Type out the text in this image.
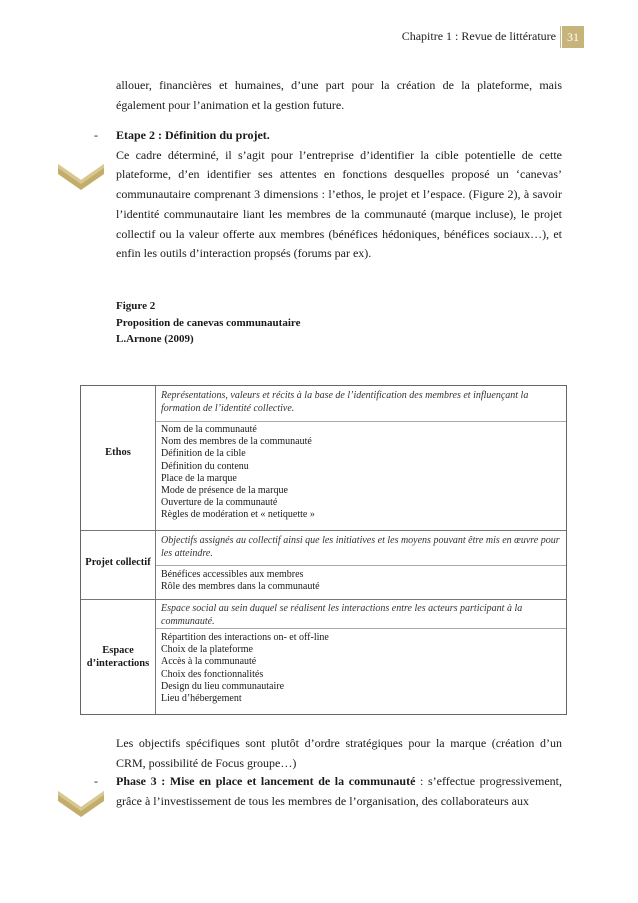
Chapitre 1 : Revue de littérature 31

allouer, financières et humaines, d’une part pour la création de la plateforme, mais également pour l’animation et la gestion future.

- Etape 2 : Définition du projet.
Ce cadre déterminé, il s’agit pour l’entreprise d’identifier la cible potentielle de cette plateforme, d’en identifier ses attentes en fonctions desquelles proposé un ‘canevas’ communautaire comprenant 3 dimensions : l’ethos, le projet et l’espace. (Figure 2), à savoir l’identité communautaire liant les membres de la communauté (marque incluse), le projet collectif ou la valeur offerte aux membres (bénéfices hédoniques, bénéfices sociaux…), et enfin les outils d’interaction propsés (forums par ex).
Figure 2
Proposition de canevas communautaire
L.Arnone (2009)
Ethos
Représentations, valeurs et récits à la base de l’identification des membres et influençant la formation de l’identité collective.
Nom de la communauté
Nom des membres de la communauté
Définition de la cible
Définition du contenu
Place de la marque
Mode de présence de la marque
Ouverture de la communauté
Règles de modération et « netiquette »
Projet collectif
Objectifs assignés au collectif ainsi que les initiatives et les moyens pouvant être mis en œuvre pour les atteindre.
Bénéfices accessibles aux membres
Rôle des membres dans la communauté
Espace
d’interactions
Espace social au sein duquel se réalisent les interactions entre les acteurs participant à la communauté.
Répartition des interactions on- et off-line
Choix de la plateforme
Accès à la communauté
Choix des fonctionnalités
Design du lieu communautaire
Lieu d’hébergement

Les objectifs spécifiques sont plutôt d’ordre stratégiques pour la marque (création d’un CRM, possibilité de Focus groupe…)

- Phase 3 : Mise en place et lancement de la communauté : s’effectue progressivement, grâce à l’investissement de tous les membres de l’organisation, des collaborateurs aux
